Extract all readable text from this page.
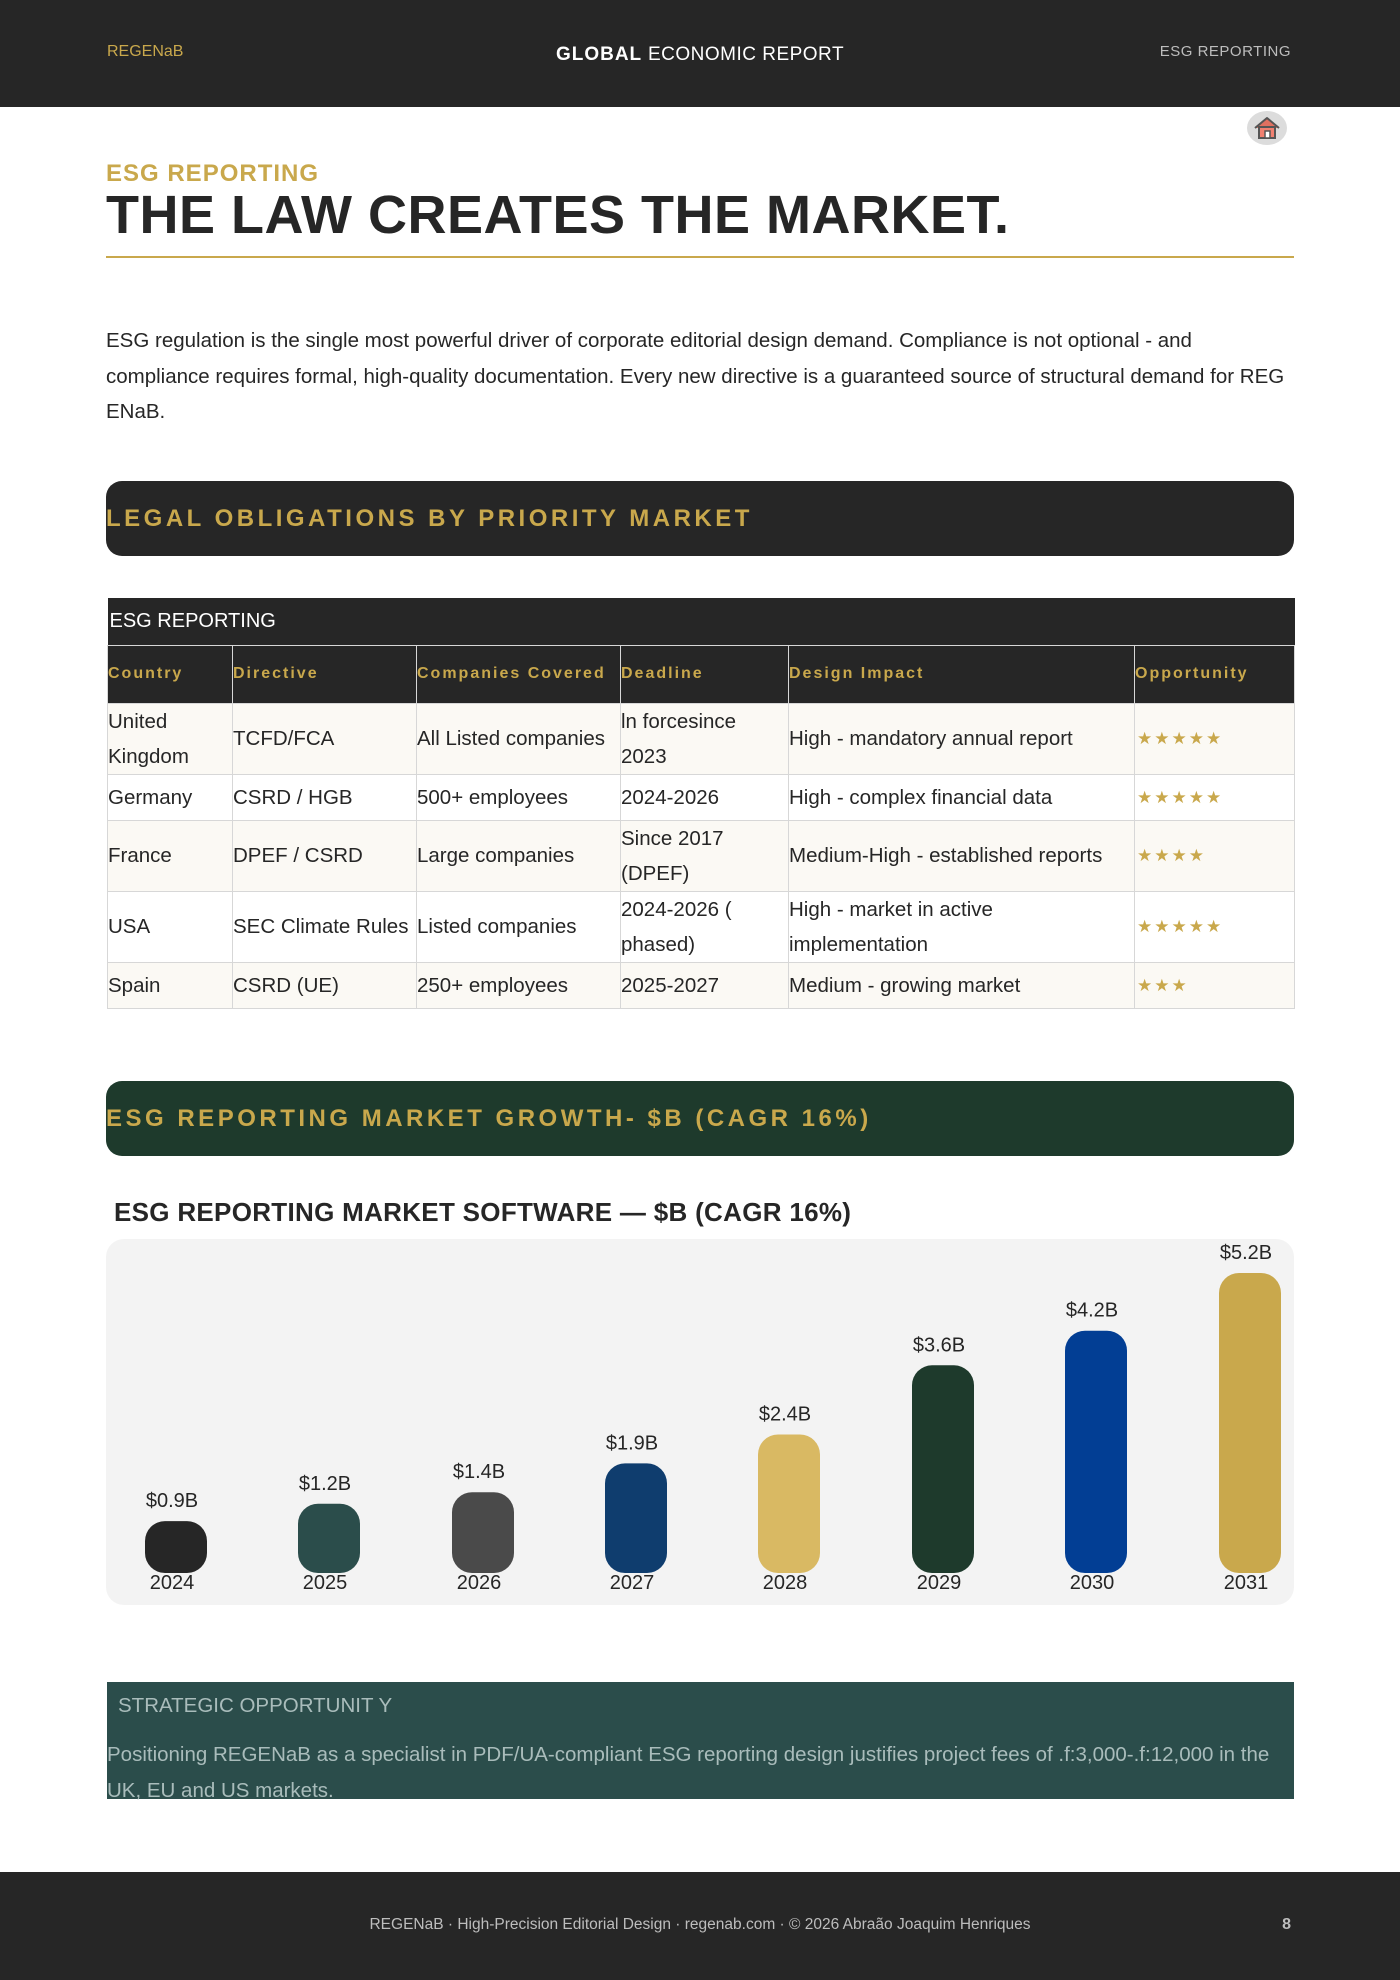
REGENaB	GLOBAL ECONOMIC REPORT	ESG REPORTING
ESG REPORTING
THE LAW CREATES THE MARKET.

ESG regulation is the single most powerful driver of corporate editorial design demand. Compliance is not optional - and compliance requires formal, high-quality documentation. Every new directive is a guaranteed source of structural demand for REG ENaB.

LEGAL OBLIGATIONS BY PRIORITY MARKET
ESG REPORTING					
Country	Directive	Companies Covered	Deadline	Design Impact	Opportunity
United Kingdom	TCFD/FCA	All Listed companies	ln forcesince 2023	High - mandatory annual report	★★★★★
Germany	CSRD / HGB	500+ employees	2024-2026	High - complex financial data	★★★★★
France	DPEF / CSRD	Large companies	Since 2017 (DPEF)	Medium-High - established reports	★★★★
USA	SEC Climate Rules	Listed companies	2024-2026 ( phased)	High - market in active implementation	★★★★★
Spain	CSRD (UE)	250+ employees	2025-2027	Medium - growing market	★★★
ESG REPORTING MARKET GROWTH- $B (CAGR 16%)
ESG REPORTING MARKET SOFTWARE — $B (CAGR 16%)
$0.9B
2024
$1.2B
2025
$1.4B
2026
$1.9B
2027
$2.4B
2028
$3.6B
2029
$4.2B
2030
$5.2B
2031
STRATEGIC OPPORTUNIT Y
Positioning REGENaB as a specialist in PDF/UA-compliant ESG reporting design justifies project fees of .f:3,000-.f:12,000 in the UK, EU and US markets.
REGENaB · High-Precision Editorial Design · regenab.com · © 2026 Abraão Joaquim Henriques	8
